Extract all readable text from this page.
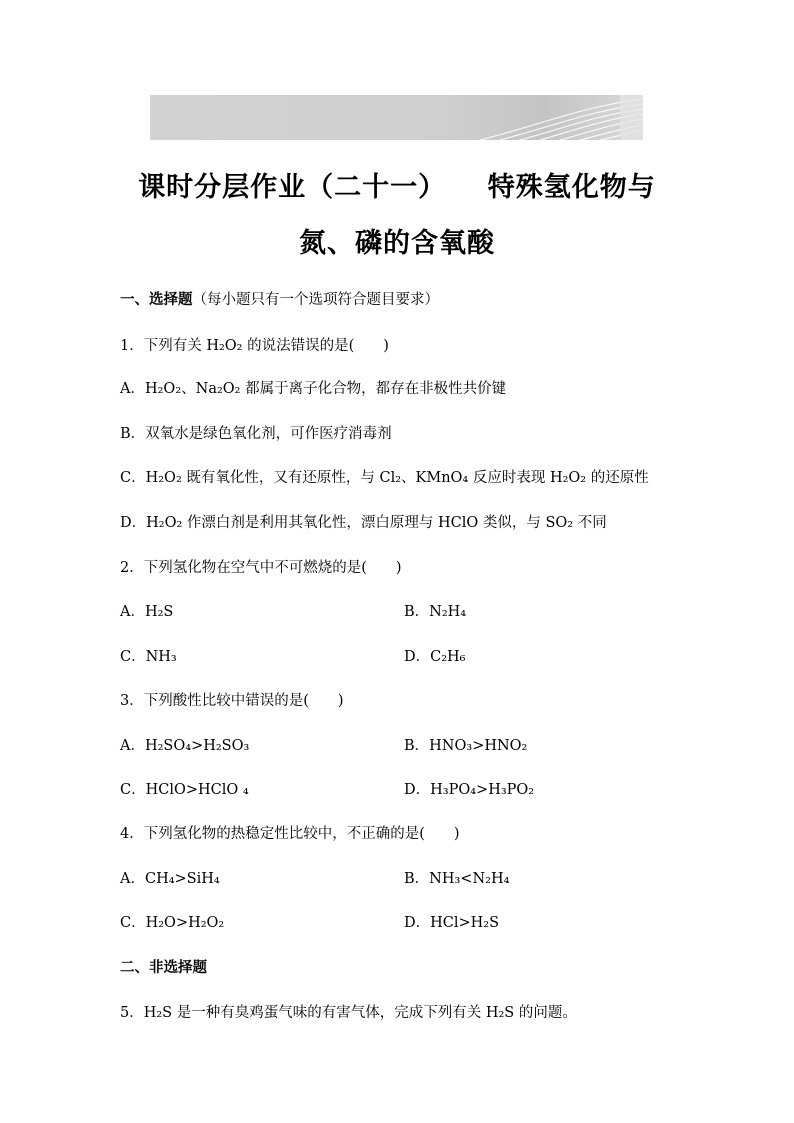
课时分层作业（二十一）    特殊氢化物与
氮、磷的含氧酸
一、选择题（每小题只有一个选项符合题目要求）
1．下列有关 H₂O₂ 的说法错误的是(　　)
A．H₂O₂、Na₂O₂ 都属于离子化合物，都存在非极性共价键
B．双氧水是绿色氧化剂，可作医疗消毒剂
C．H₂O₂ 既有氧化性，又有还原性，与 Cl₂、KMnO₄ 反应时表现 H₂O₂ 的还原性
D．H₂O₂ 作漂白剂是利用其氧化性，漂白原理与 HClO 类似，与 SO₂ 不同
2．下列氢化物在空气中不可燃烧的是(　　)
A．H₂S	B．N₂H₄
C．NH₃	D．C₂H₆
3．下列酸性比较中错误的是(　　)
A．H₂SO₄>H₂SO₃	B．HNO₃>HNO₂
C．HClO>HClO ₄	D．H₃PO₄>H₃PO₂
4．下列氢化物的热稳定性比较中，不正确的是(　　)
A．CH₄>SiH₄	B．NH₃<N₂H₄
C．H₂O>H₂O₂	D．HCl>H₂S
二、非选择题
5．H₂S 是一种有臭鸡蛋气味的有害气体，完成下列有关 H₂S 的问题。
